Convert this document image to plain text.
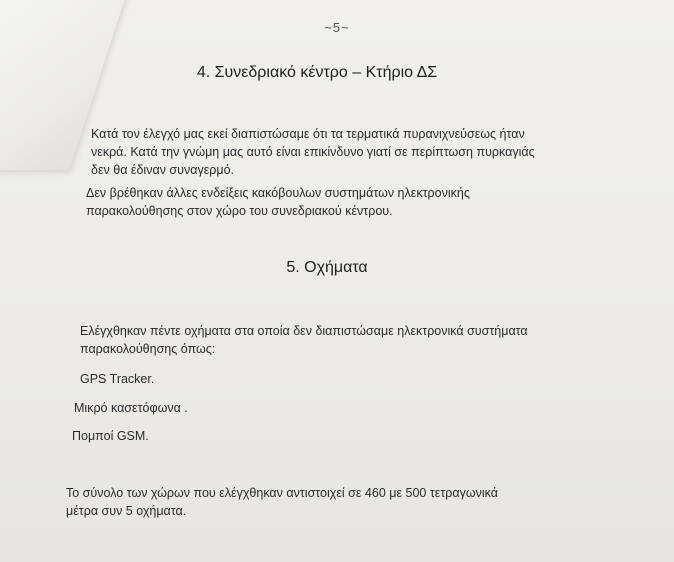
~5~
4. Συνεδριακό κέντρο – Κτήριο ΔΣ
Κατά τον έλεγχό μας εκεί διαπιστώσαμε ότι τα τερματικά πυρανιχνεύσεως ήταν
νεκρά. Κατά την γνώμη μας αυτό είναι επικίνδυνο γιατί σε περίπτωση πυρκαγιάς
δεν θα έδιναν συναγερμό.
Δεν βρέθηκαν άλλες ενδείξεις κακόβουλων συστημάτων ηλεκτρονικής
παρακολούθησης στον χώρο του συνεδριακού κέντρου.
5. Οχήματα
Ελέγχθηκαν πέντε οχήματα στα οποία δεν διαπιστώσαμε ηλεκτρονικά συστήματα
παρακολούθησης όπως:
GPS Tracker.
Μικρό κασετόφωνα .
Πομποί GSM.
Το σύνολο των χώρων που ελέγχθηκαν αντιστοιχεί σε 460 με 500 τετραγωνικά
μέτρα συν 5 οχήματα.
